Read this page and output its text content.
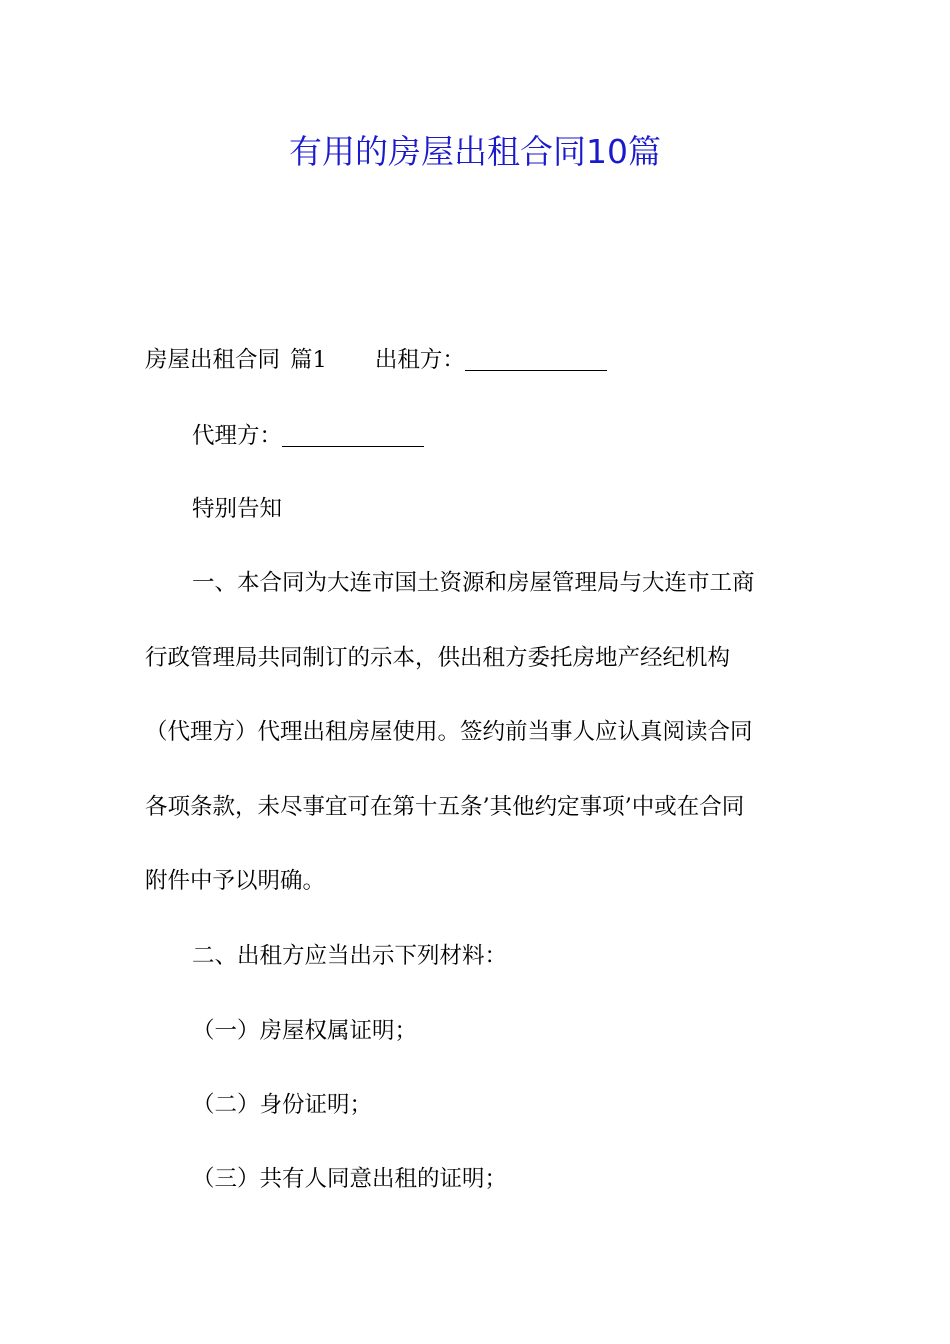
有用的房屋出租合同10篇
房屋出租合同 篇1 出租方：
代理方：
特别告知
一、本合同为大连市国土资源和房屋管理局与大连市工商
行政管理局共同制订的示本，供出租方委托房地产经纪机构
（代理方）代理出租房屋使用。签约前当事人应认真阅读合同
各项条款，未尽事宜可在第十五条’其他约定事项’中或在合同
附件中予以明确。
二、出租方应当出示下列材料：
（一）房屋权属证明；
（二）身份证明；
（三）共有人同意出租的证明；
